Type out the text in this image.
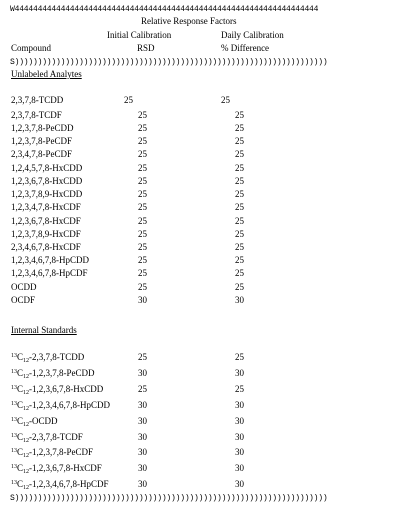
W444444444444444444444444444444444444444444444444444444444444444444
Relative Response Factors
Initial Calibration	Daily Calibration
Compound	RSD	% Difference
S))))))))))))))))))))))))))))))))))))))))))))))))))))))))))))))))))))
Unlabeled Analytes
2,3,7,8-TCDD	25	25
2,3,7,8-TCDF	25	25
1,2,3,7,8-PeCDD	25	25
1,2,3,7,8-PeCDF	25	25
2,3,4,7,8-PeCDF	25	25
1,2,4,5,7,8-HxCDD	25	25
1,2,3,6,7,8-HxCDD	25	25
1,2,3,7,8,9-HxCDD	25	25
1,2,3,4,7,8-HxCDF	25	25
1,2,3,6,7,8-HxCDF	25	25
1,2,3,7,8,9-HxCDF	25	25
2,3,4,6,7,8-HxCDF	25	25
1,2,3,4,6,7,8-HpCDD	25	25
1,2,3,4,6,7,8-HpCDF	25	25
OCDD	25	25
OCDF	30	30
Internal Standards
$^{13}C_{12}-2,3,7,8$-TCDD	25	25
$^{13}C_{12}-1,2,3,7,8$-PeCDD	30	30
$^{13}C_{12}-1,2,3,6,7,8$-HxCDD	25	25
$^{13}C_{12}-1,2,3,4,6,7,8$-HpCDD	30	30
$^{13}C_{12}$-OCDD	30	30
$^{13}C_{12}-2,3,7,8$-TCDF	30	30
$^{13}C_{12}-1,2,3,7,8$-PeCDF	30	30
$^{13}C_{12}-1,2,3,6,7,8$-HxCDF	30	30
$^{13}C_{12}-1,2,3,4,6,7,8$-HpCDF	30	30
S))))))))))))))))))))))))))))))))))))))))))))))))))))))))))))))))))))
